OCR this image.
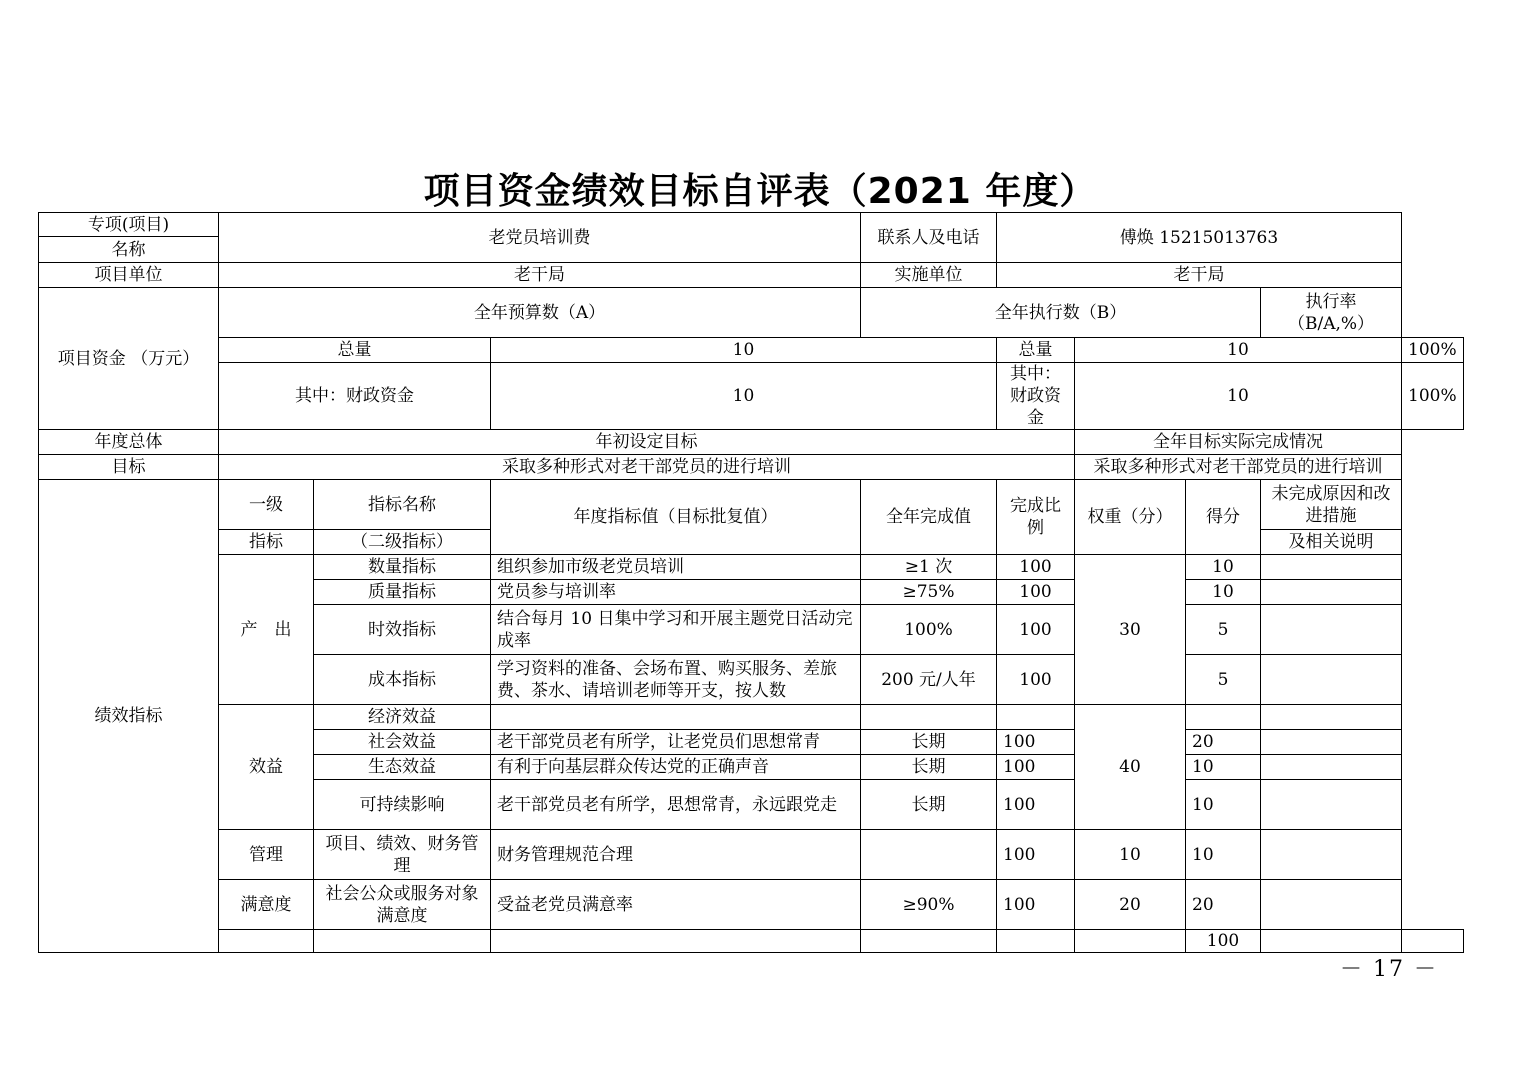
项目资金绩效目标自评表（2021 年度）
专项(项目)	老党员培训费			联系人及电话	傅焕 15215013763				
名称									
项目单位	老干局			实施单位	老干局				
项目资金 （万元）	全年预算数（A）			全年执行数（B）				执行率（B/A,%）	
	总量		10		总量	10			100%
	其中：财政资金		10		其中：财政资金	10			100%
年度总体	年初设定目标					全年目标实际完成情况			
目标	采取多种形式对老干部党员的进行培训					采取多种形式对老干部党员的进行培训			
绩效指标	一级	指标名称	年度指标值（目标批复值）	全年完成值	完成比例	权重（分）	得分	未完成原因和改进措施	
	指标	（二级指标）						及相关说明	
	产　出	数量指标	组织参加市级老党员培训	≥1 次	100	30	10		
		质量指标	党员参与培训率	≥75%	100		10		
		时效指标	结合每月 10 日集中学习和开展主题党日活动完成率	100%	100		5		
		成本指标	学习资料的准备、会场布置、购买服务、差旅费、茶水、请培训老师等开支，按人数	200 元/人年	100		5		
	效益	经济效益				40			
		社会效益	老干部党员老有所学，让老党员们思想常青	长期	100		20		
		生态效益	有利于向基层群众传达党的正确声音	长期	100		10		
		可持续影响	老干部党员老有所学，思想常青，永远跟党走	长期	100		10		
	管理	项目、绩效、财务管理	财务管理规范合理		100	10	10		
	满意度	社会公众或服务对象满意度	受益老党员满意率	≥90%	100	20	20		
							100		
－ 17 －
